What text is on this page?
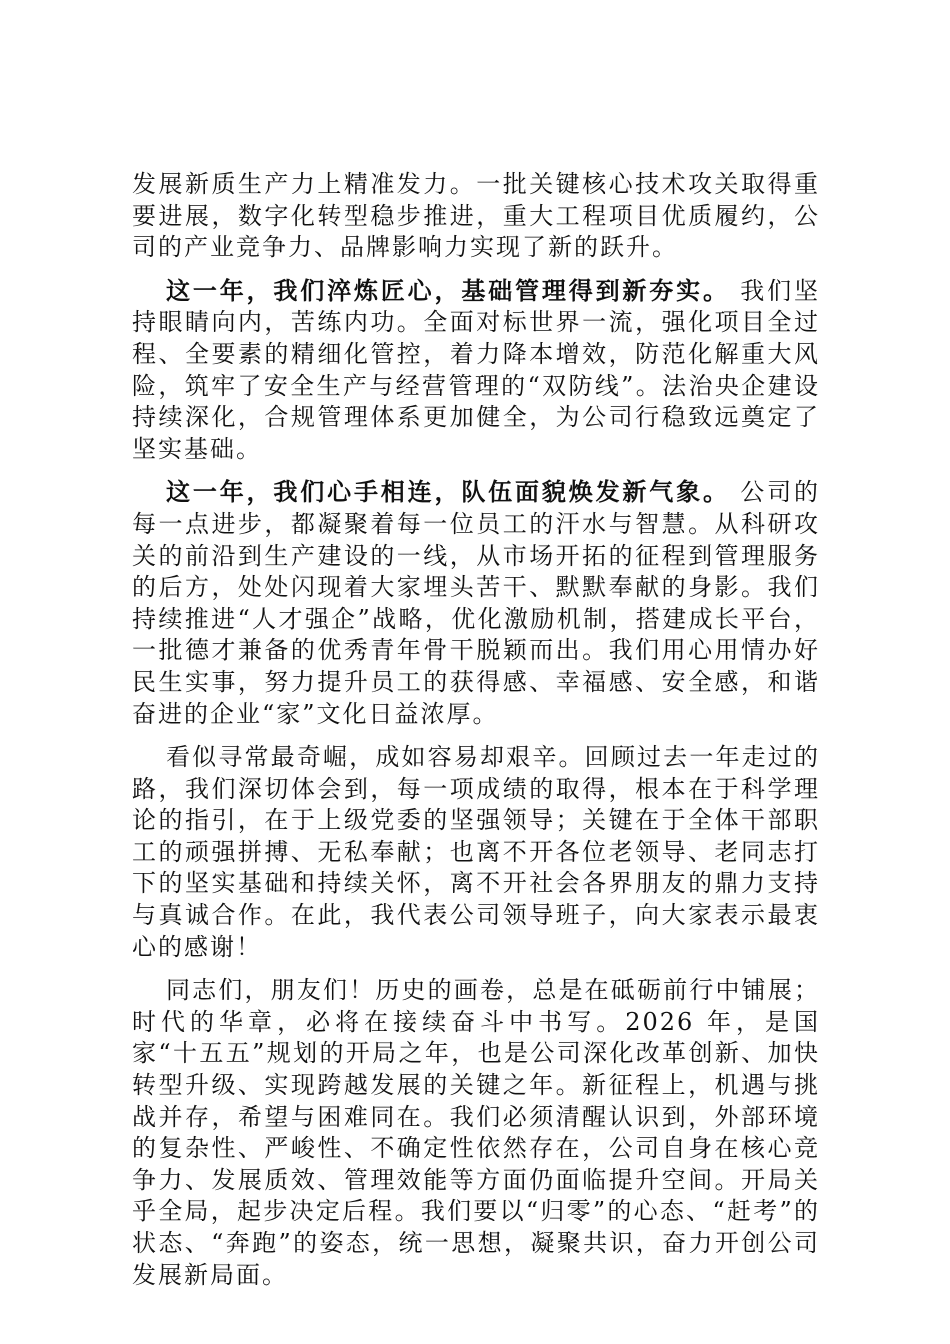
发展新质生产力上精准发力。一批关键核心技术攻关取得重要进展，数字化转型稳步推进，重大工程项目优质履约，公司的产业竞争力、品牌影响力实现了新的跃升。

这一年，我们淬炼匠心，基础管理得到新夯实。 我们坚持眼睛向内，苦练内功。全面对标世界一流，强化项目全过程、全要素的精细化管控，着力降本增效，防范化解重大风险，筑牢了安全生产与经营管理的“双防线”。法治央企建设持续深化，合规管理体系更加健全，为公司行稳致远奠定了坚实基础。

这一年，我们心手相连，队伍面貌焕发新气象。 公司的每一点进步，都凝聚着每一位员工的汗水与智慧。从科研攻关的前沿到生产建设的一线，从市场开拓的征程到管理服务的后方，处处闪现着大家埋头苦干、默默奉献的身影。我们持续推进“人才强企”战略，优化激励机制，搭建成长平台，一批德才兼备的优秀青年骨干脱颖而出。我们用心用情办好民生实事，努力提升员工的获得感、幸福感、安全感，和谐奋进的企业“家”文化日益浓厚。

看似寻常最奇崛，成如容易却艰辛。回顾过去一年走过的路，我们深切体会到，每一项成绩的取得，根本在于科学理论的指引，在于上级党委的坚强领导；关键在于全体干部职工的顽强拼搏、无私奉献；也离不开各位老领导、老同志打下的坚实基础和持续关怀，离不开社会各界朋友的鼎力支持与真诚合作。在此，我代表公司领导班子，向大家表示最衷心的感谢！

同志们，朋友们！历史的画卷，总是在砥砺前行中铺展；时代的华章，必将在接续奋斗中书写。2026 年，是国家“十五五”规划的开局之年，也是公司深化改革创新、加快转型升级、实现跨越发展的关键之年。新征程上，机遇与挑战并存，希望与困难同在。我们必须清醒认识到，外部环境的复杂性、严峻性、不确定性依然存在，公司自身在核心竞争力、发展质效、管理效能等方面仍面临提升空间。开局关乎全局，起步决定后程。我们要以“归零”的心态、“赶考”的状态、“奔跑”的姿态，统一思想，凝聚共识，奋力开创公司发展新局面。
